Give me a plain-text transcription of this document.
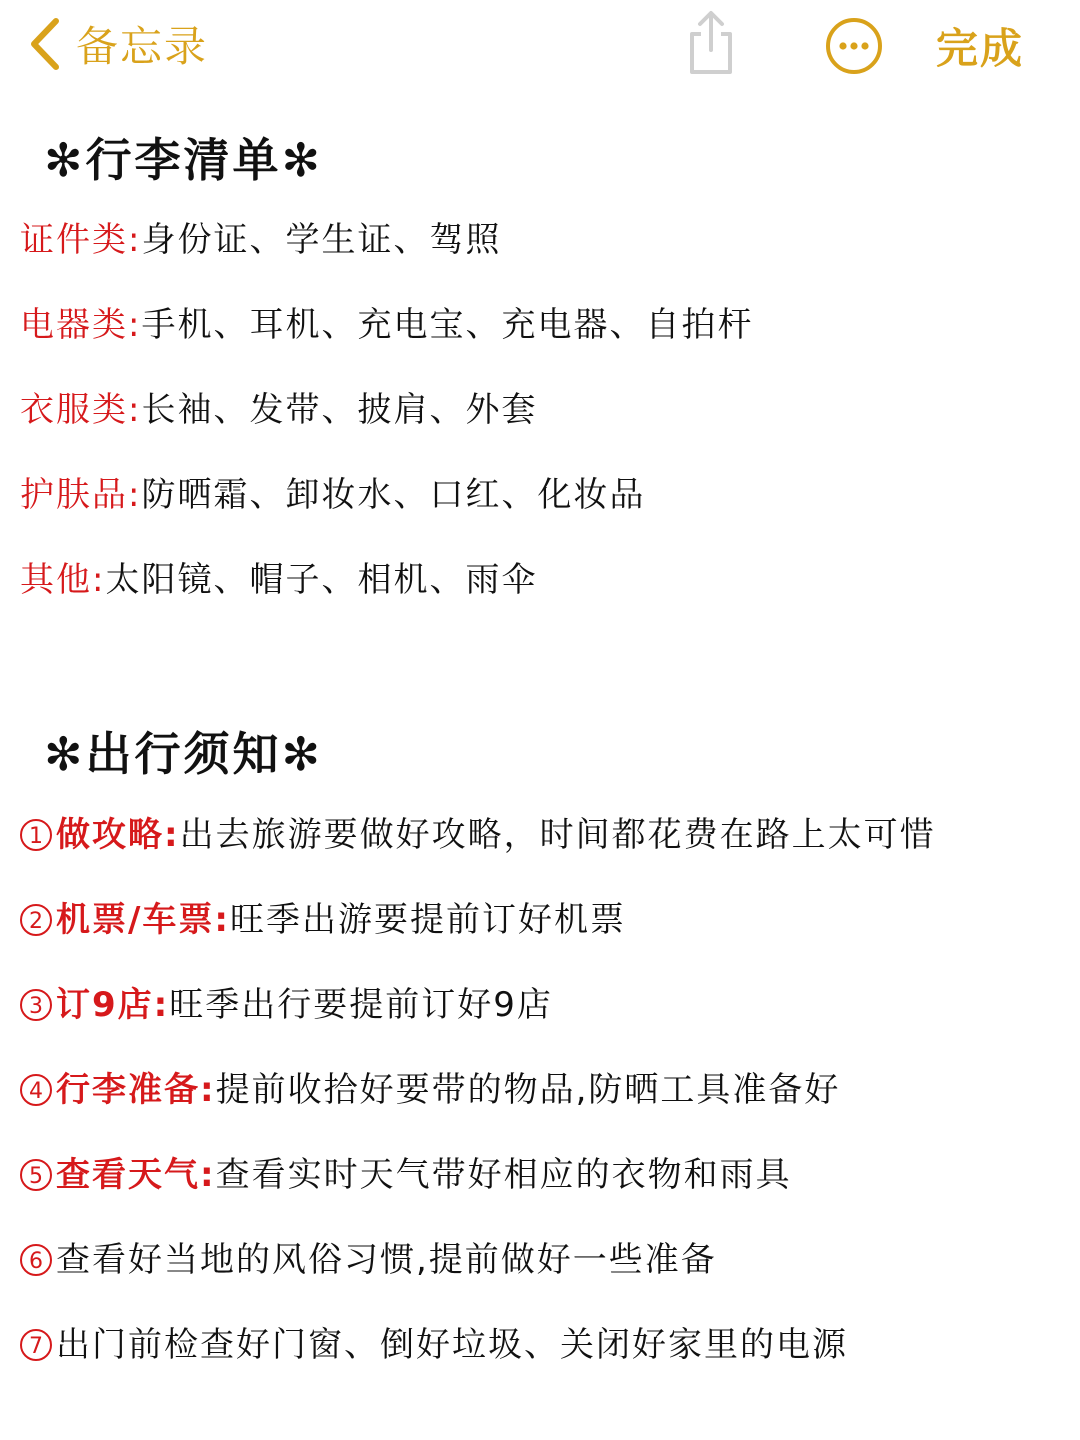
备忘录	完成
✻行李清单✻
证件类:身份证、学生证、驾照
电器类:手机、耳机、充电宝、充电器、自拍杆
衣服类:长袖、发带、披肩、外套
护肤品:防晒霜、卸妆水、口红、化妆品
其他:太阳镜、帽子、相机、雨伞
✻出行须知✻
1 做攻略:出去旅游要做好攻略，时间都花费在路上太可惜
2 机票/车票:旺季出游要提前订好机票
3 订9店:旺季出行要提前订好9店
4 行李准备:提前收拾好要带的物品,防晒工具准备好
5 查看天气:查看实时天气带好相应的衣物和雨具
6 查看好当地的风俗习惯,提前做好一些准备
7 出门前检查好门窗、倒好垃圾、关闭好家里的电源
